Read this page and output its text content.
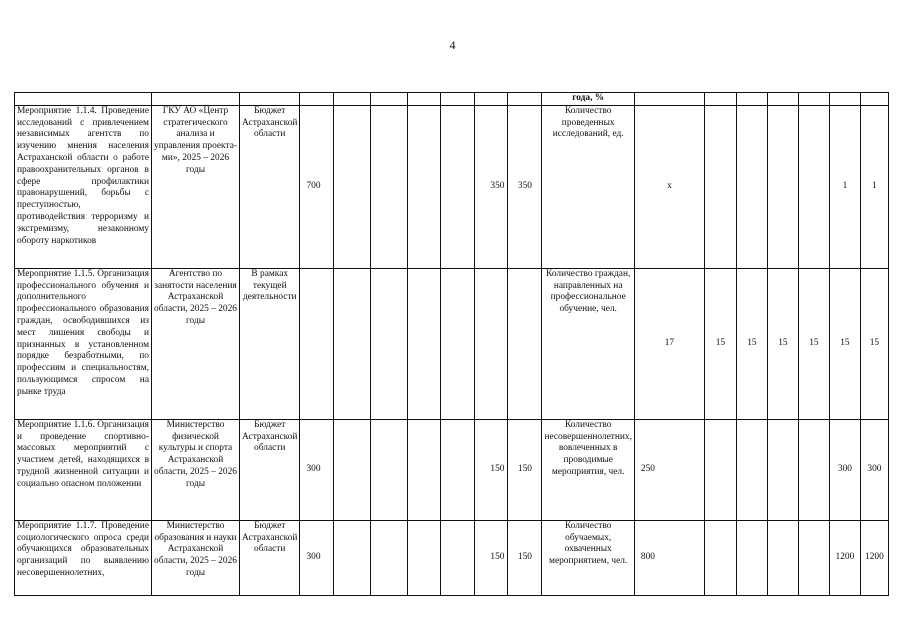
4
										года, %							
Мероприятие 1.1.4. Проведение исследований с привлечением независимых агентств по изучению мнения населения Астраханской области о работе правоохранительных органов в сфере профилактики правонарушений, борьбы с преступностью, противодействия терроризму и экстремизму, незаконному обороту наркотиков	ГКУ АО «Центр стратегического анализа и управления проекта-ми», 2025 – 2026 годы	Бюджет Астраханской области	700					350	350	Количество проведенных исследований, ед.	x					1	1
Мероприятие 1.1.5. Организация профессионального обучения и дополнительного профессионального образования граждан, освободившихся из мест лишения свободы и признанных в установленном порядке безработными, по профессиям и специальностям, пользующимся спросом на рынке труда	Агентство по занятости населения Астраханской области, 2025 – 2026 годы	В рамках текущей деятельности								Количество граждан, направленных на профессиональное обучение, чел.	17	15	15	15	15	15	15
Мероприятие 1.1.6. Организация и проведение спортивно-массовых мероприятий с участием детей, находящихся в трудной жизненной ситуации и социально опасном положении	Министерство физической культуры и спорта Астраханской области, 2025 – 2026 годы	Бюджет Астраханской области	300					150	150	Количество несовершеннолетних, вовлеченных в проводимые мероприятия, чел.	250					300	300
Мероприятие 1.1.7. Проведение социологического опроса среди обучающихся образовательных организаций по выявлению несовершеннолетних,	Министерство образования и науки Астраханской области, 2025 – 2026 годы	Бюджет Астраханской области	300					150	150	Количество обучаемых, охваченных мероприятием, чел.	800					1200	1200
